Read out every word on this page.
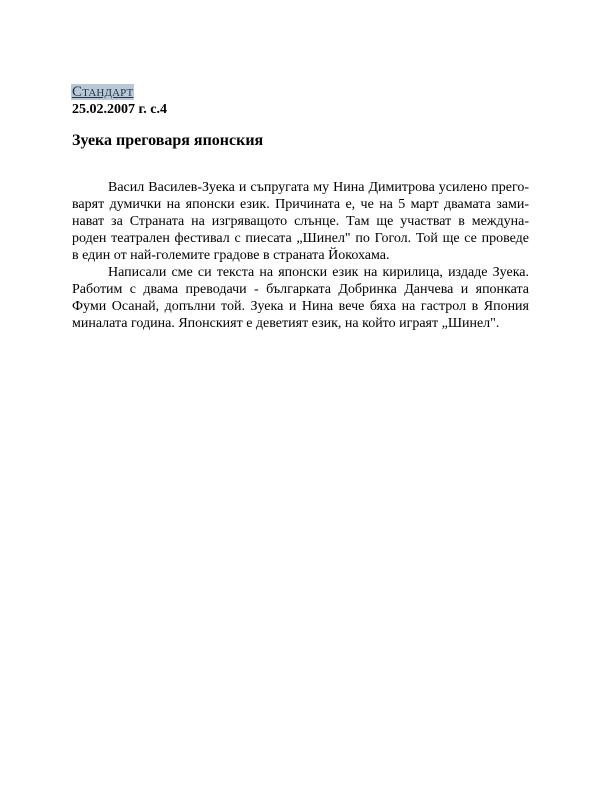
Стандарт
25.02.2007 г. с.4
Зуека преговаря японския

Васил Василев-Зуека и съпругата му Нина Димитрова усилено прего-
варят думички на японски език. Причината е, че на 5 март двамата зами-
нават за Страната на изгряващото слънце. Там ще участват в междуна-
роден театрален фестивал с пиесата „Шинел" по Гогол. Той ще се проведе
в един от най-големите градове в страната Йокохама.

Написали сме си текста на японски език на кирилица, издаде Зуека.
Работим с двама преводачи - българката Добринка Данчева и японката
Фуми Осанай, допълни той. Зуека и Нина вече бяха на гастрол в Япония
миналата година. Японският е деветият език, на който играят „Шинел".
